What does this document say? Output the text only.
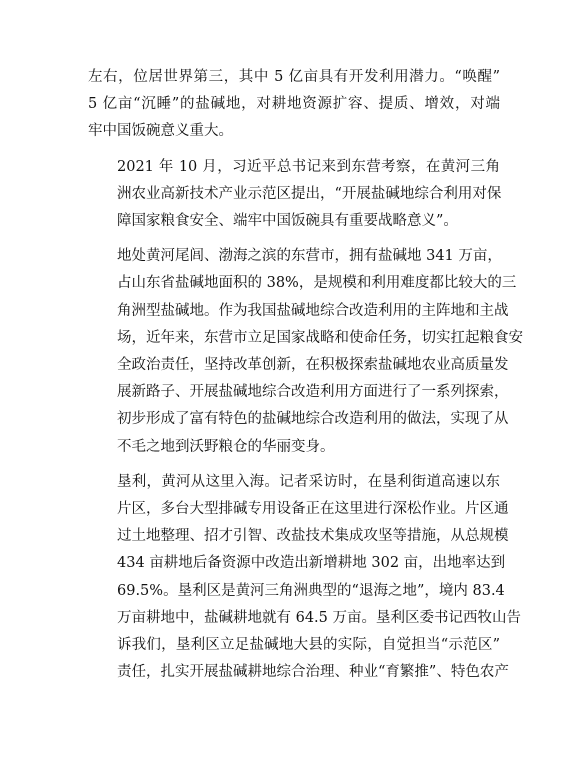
左右，位居世界第三，其中 5 亿亩具有开发利用潜力。“唤醒”
5 亿亩“沉睡”的盐碱地，对耕地资源扩容、提质、增效，对端
牢中国饭碗意义重大。
2021 年 10 月，习近平总书记来到东营考察，在黄河三角
洲农业高新技术产业示范区提出，“开展盐碱地综合利用对保
障国家粮食安全、端牢中国饭碗具有重要战略意义”。
地处黄河尾闾、渤海之滨的东营市，拥有盐碱地 341 万亩，
占山东省盐碱地面积的 38%，是规模和利用难度都比较大的三
角洲型盐碱地。作为我国盐碱地综合改造利用的主阵地和主战
场，近年来，东营市立足国家战略和使命任务，切实扛起粮食安
全政治责任，坚持改革创新，在积极探索盐碱地农业高质量发
展新路子、开展盐碱地综合改造利用方面进行了一系列探索，
初步形成了富有特色的盐碱地综合改造利用的做法，实现了从
不毛之地到沃野粮仓的华丽变身。
垦利，黄河从这里入海。记者采访时，在垦利街道高速以东
片区，多台大型排碱专用设备正在这里进行深松作业。片区通
过土地整理、招才引智、改盐技术集成攻坚等措施，从总规模
434 亩耕地后备资源中改造出新增耕地 302 亩，出地率达到
69.5%。垦利区是黄河三角洲典型的“退海之地”，境内 83.4
万亩耕地中，盐碱耕地就有 64.5 万亩。垦利区委书记西牧山告
诉我们，垦利区立足盐碱地大县的实际，自觉担当“示范区”
责任，扎实开展盐碱耕地综合治理、种业“育繁推”、特色农产
